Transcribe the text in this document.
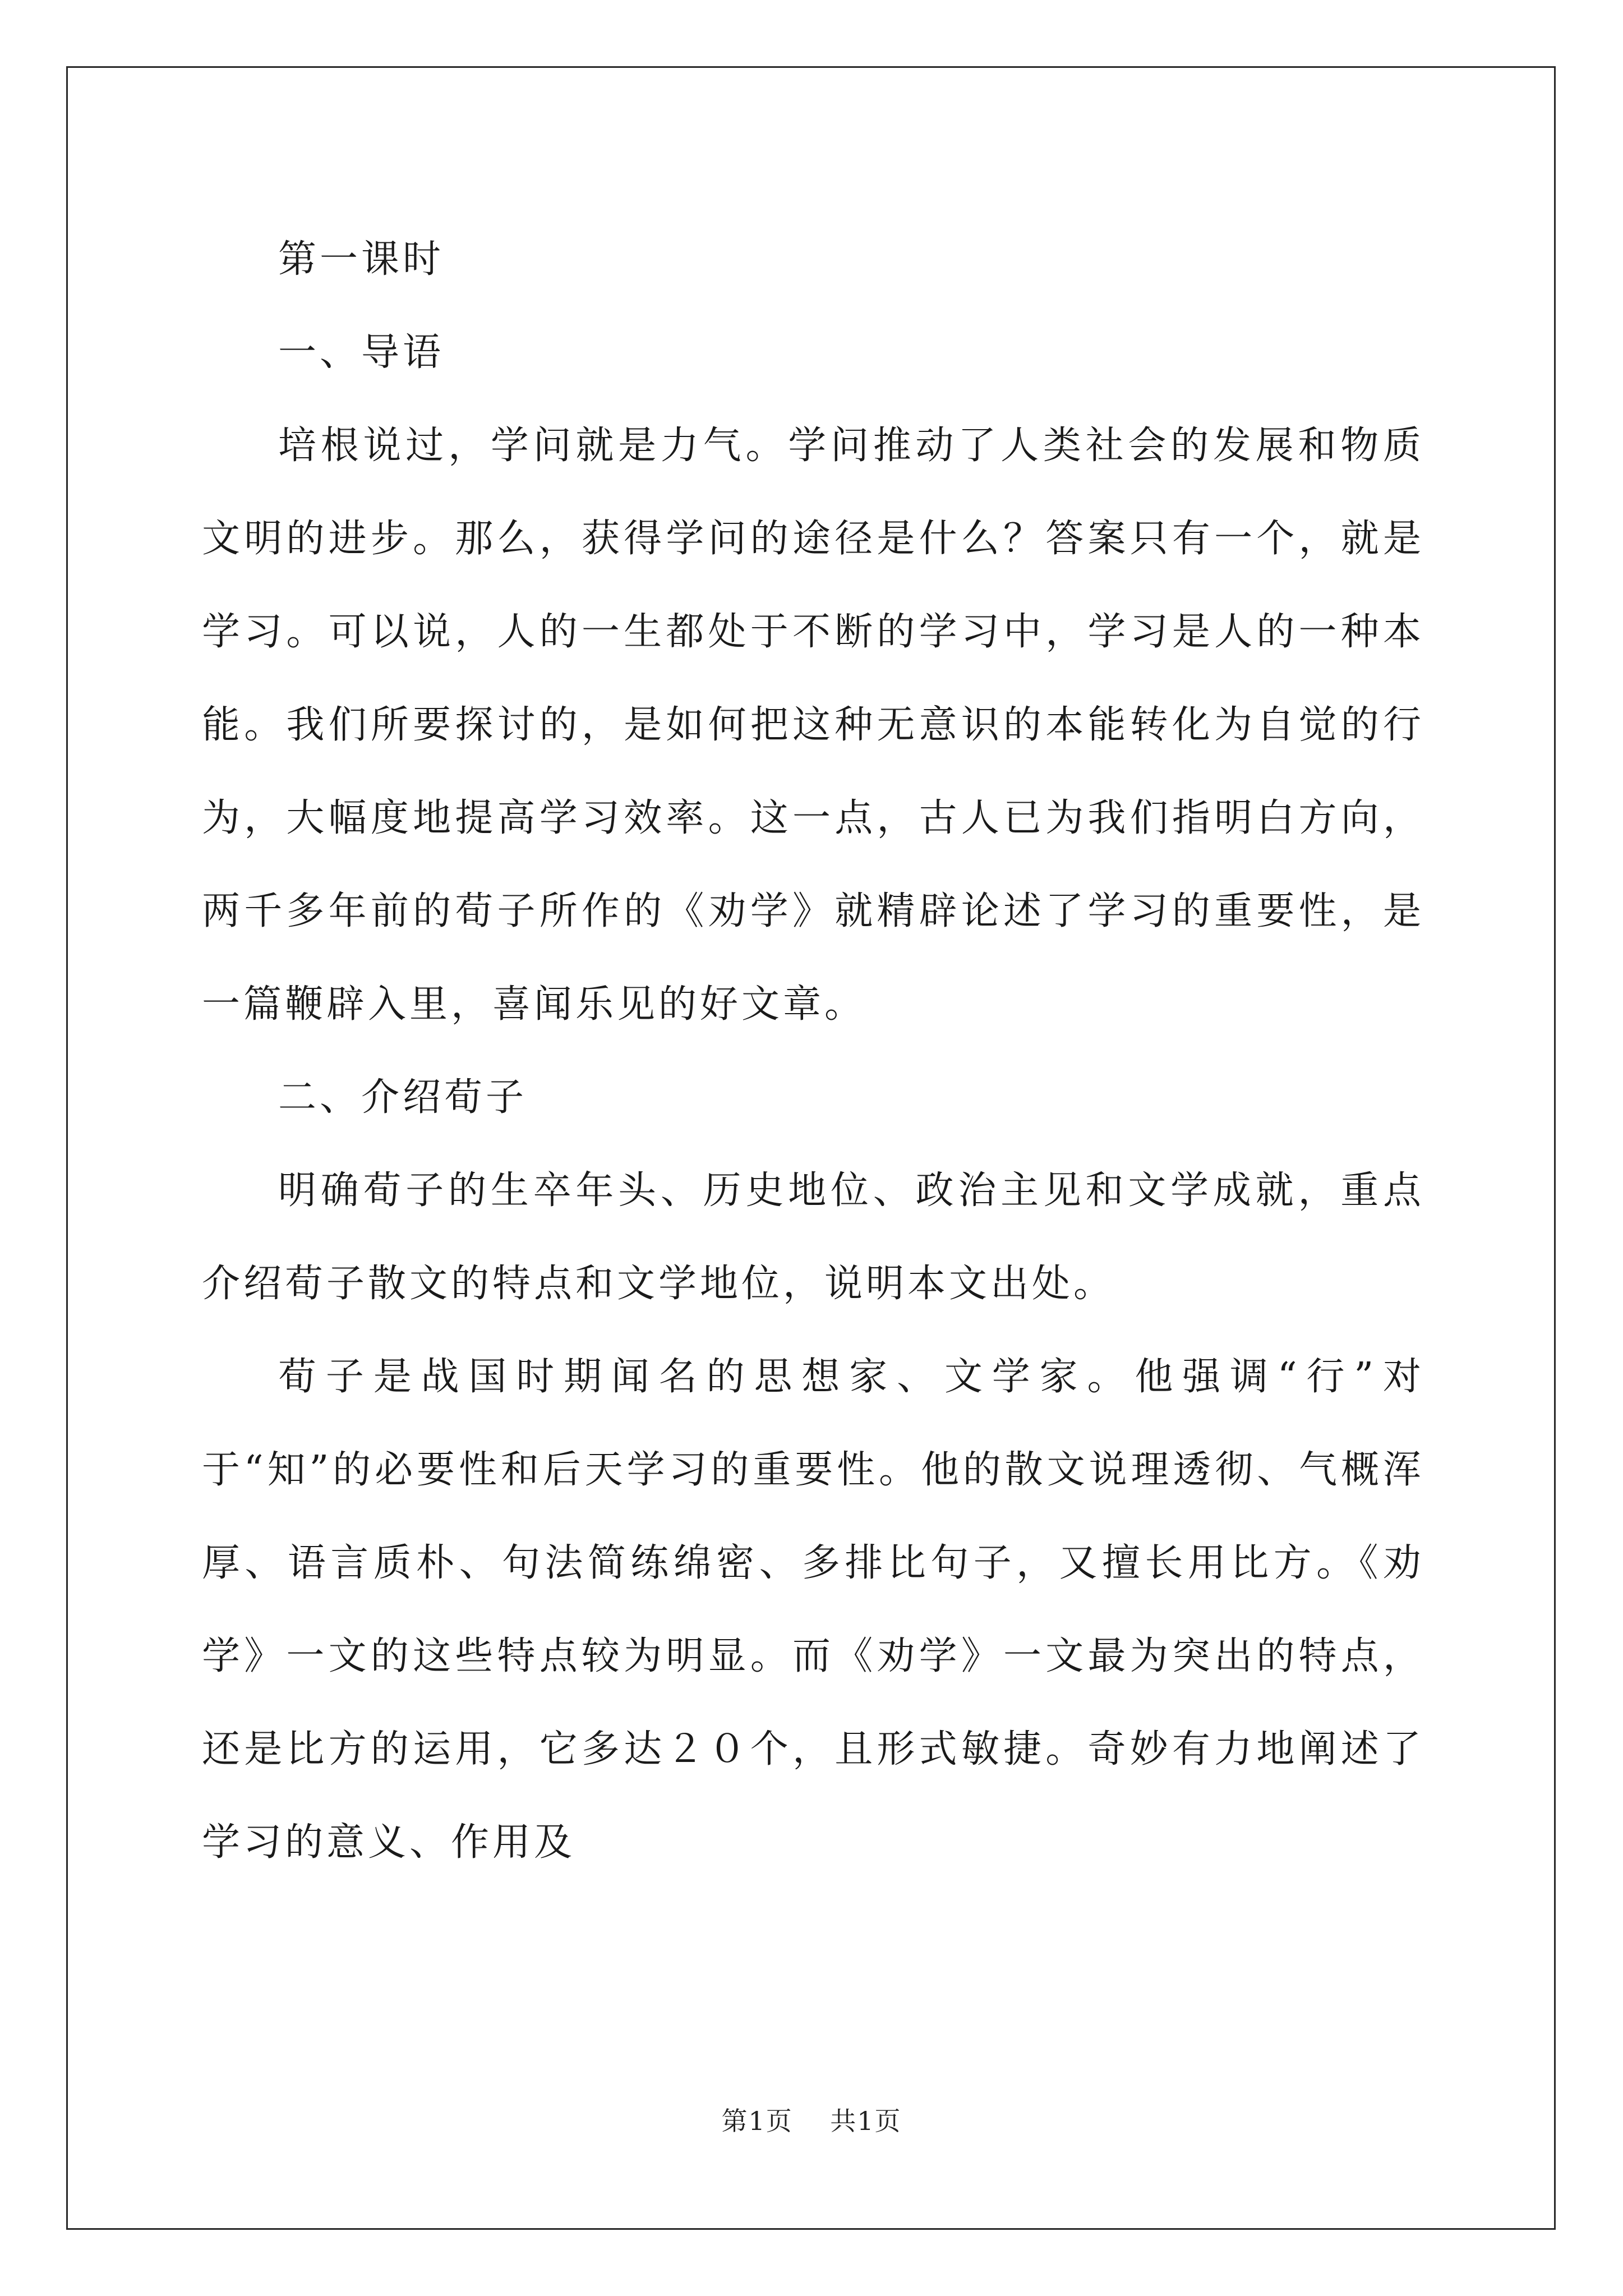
第一课时

一、导语

培根说过，学问就是力气。学问推动了人类社会的发展和物质文明的进步。那么，获得学问的途径是什么？答案只有一个，就是学习。可以说，人的一生都处于不断的学习中，学习是人的一种本能。我们所要探讨的，是如何把这种无意识的本能转化为自觉的行为，大幅度地提高学习效率。这一点，古人已为我们指明白方向，两千多年前的荀子所作的《劝学》就精辟论述了学习的重要性，是一篇鞭辟入里，喜闻乐见的好文章。

二、介绍荀子

明确荀子的生卒年头、历史地位、政治主见和文学成就，重点介绍荀子散文的特点和文学地位，说明本文出处。

荀子是战国时期闻名的思想家、文学家。他强调“行”对于“知”的必要性和后天学习的重要性。他的散文说理透彻、气概浑厚、语言质朴、句法简练绵密、多排比句子，又擅长用比方。《劝学》一文的这些特点较为明显。而《劝学》一文最为突出的特点，还是比方的运用，它多达２０个，且形式敏捷。奇妙有力地阐述了学习的意义、作用及

第1页 共1页
